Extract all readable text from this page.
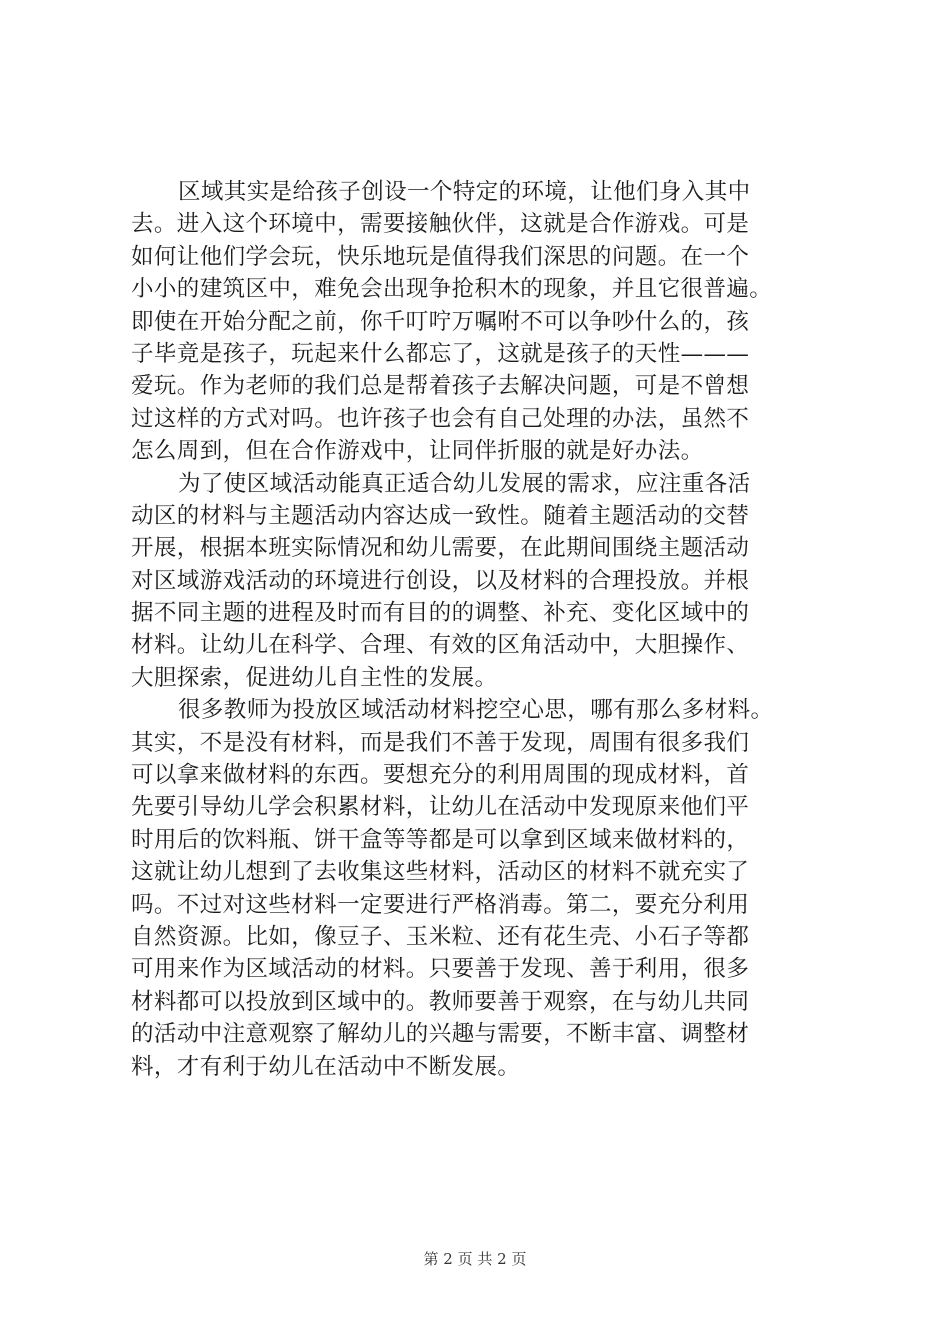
区域其实是给孩子创设一个特定的环境，让他们身入其中
去。进入这个环境中，需要接触伙伴，这就是合作游戏。可是
如何让他们学会玩，快乐地玩是值得我们深思的问题。在一个
小小的建筑区中，难免会出现争抢积木的现象，并且它很普遍。
即使在开始分配之前，你千叮咛万嘱咐不可以争吵什么的，孩
子毕竟是孩子，玩起来什么都忘了，这就是孩子的天性———
爱玩。作为老师的我们总是帮着孩子去解决问题，可是不曾想
过这样的方式对吗。也许孩子也会有自己处理的办法，虽然不
怎么周到，但在合作游戏中，让同伴折服的就是好办法。
为了使区域活动能真正适合幼儿发展的需求，应注重各活
动区的材料与主题活动内容达成一致性。随着主题活动的交替
开展，根据本班实际情况和幼儿需要，在此期间围绕主题活动
对区域游戏活动的环境进行创设，以及材料的合理投放。并根
据不同主题的进程及时而有目的的调整、补充、变化区域中的
材料。让幼儿在科学、合理、有效的区角活动中，大胆操作、
大胆探索，促进幼儿自主性的发展。
很多教师为投放区域活动材料挖空心思，哪有那么多材料。
其实，不是没有材料，而是我们不善于发现，周围有很多我们
可以拿来做材料的东西。要想充分的利用周围的现成材料，首
先要引导幼儿学会积累材料，让幼儿在活动中发现原来他们平
时用后的饮料瓶、饼干盒等等都是可以拿到区域来做材料的，
这就让幼儿想到了去收集这些材料，活动区的材料不就充实了
吗。不过对这些材料一定要进行严格消毒。第二，要充分利用
自然资源。比如，像豆子、玉米粒、还有花生壳、小石子等都
可用来作为区域活动的材料。只要善于发现、善于利用，很多
材料都可以投放到区域中的。教师要善于观察，在与幼儿共同
的活动中注意观察了解幼儿的兴趣与需要，不断丰富、调整材
料，才有利于幼儿在活动中不断发展。
第 2 页 共 2 页
